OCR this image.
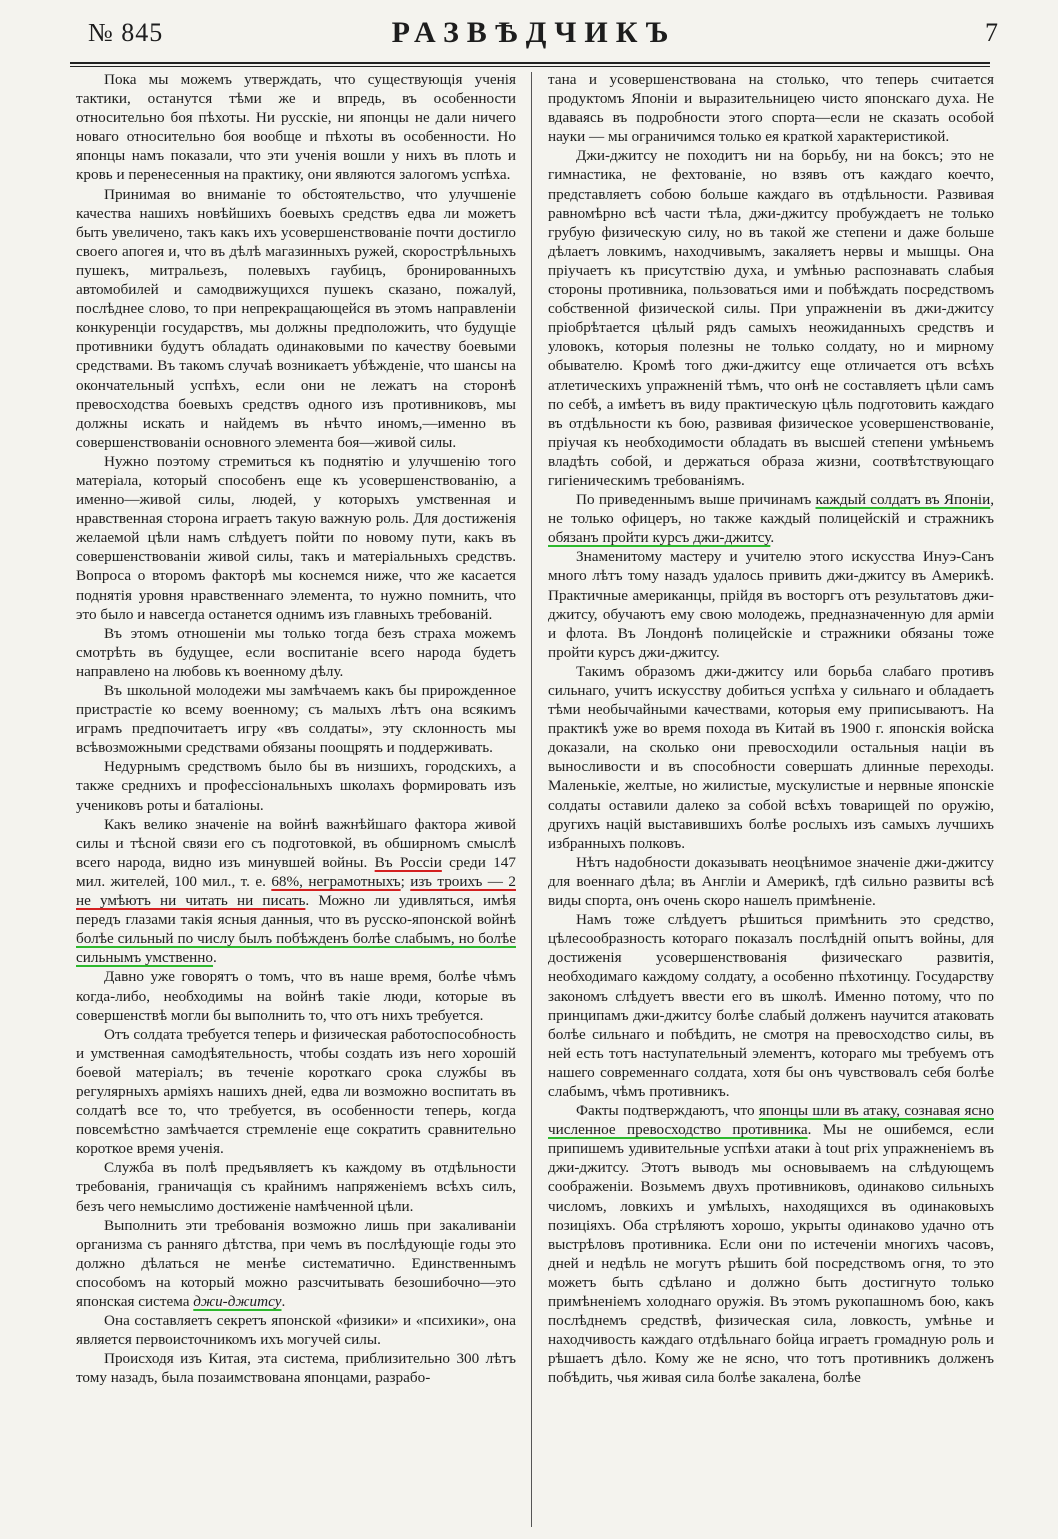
№ 845	РАЗВѢДЧИКЪ	7

Пока мы можемъ утверждать, что существующія ученія тактики, останутся тѣми же и впредь, въ особенности относительно боя пѣхоты. Ни русскіе, ни японцы не дали ничего новаго относительно боя вообще и пѣхоты въ особенности. Но японцы намъ показали, что эти ученія вошли у нихъ въ плоть и кровь и перенесенныя на практику, они являются залогомъ успѣха.

Принимая во вниманіе то обстоятельство, что улучшеніе качества нашихъ новѣйшихъ боевыхъ средствъ едва ли можетъ быть увеличено, такъ какъ ихъ усовершенствованіе почти достигло своего апогея и, что въ дѣлѣ магазинныхъ ружей, скорострѣльныхъ пушекъ, митральезъ, полевыхъ гаубицъ, бронированныхъ автомобилей и самодвижущихся пушекъ сказано, пожалуй, послѣднее слово, то при непрекращающейся въ этомъ направленіи конкуренціи государствъ, мы должны предположить, что будущіе противники будутъ обладать одинаковыми по качеству боевыми средствами. Въ такомъ случаѣ возникаетъ убѣжденіе, что шансы на окончательный успѣхъ, если они не лежатъ на сторонѣ превосходства боевыхъ средствъ одного изъ противниковъ, мы должны искать и найдемъ въ нѣчто иномъ,—именно въ совершенствованіи основного элемента боя—живой силы.

Нужно поэтому стремиться къ поднятію и улучшенію того матеріала, который способенъ еще къ усовершенствованію, а именно—живой силы, людей, у которыхъ умственная и нравственная сторона играетъ такую важную роль. Для достиженія желаемой цѣли намъ слѣдуетъ пойти по новому пути, какъ въ совершенствованіи живой силы, такъ и матеріальныхъ средствъ. Вопроса о второмъ факторѣ мы коснемся ниже, что же касается поднятія уровня нравственнаго элемента, то нужно помнить, что это было и навсегда останется однимъ изъ главныхъ требованій.

Въ этомъ отношеніи мы только тогда безъ страха можемъ смотрѣть въ будущее, если воспитаніе всего народа будетъ направлено на любовь къ военному дѣлу.

Въ школьной молодежи мы замѣчаемъ какъ бы прирожденное пристрастіе ко всему военному; съ малыхъ лѣтъ она всякимъ играмъ предпочитаетъ игру «въ солдаты», эту склонность мы всѣвозможными средствами обязаны поощрять и поддерживать.

Недурнымъ средствомъ было бы въ низшихъ, городскихъ, а также среднихъ и профессіональныхъ школахъ формировать изъ учениковъ роты и баталіоны.

Какъ велико значеніе на войнѣ важнѣйшаго фактора живой силы и тѣсной связи его съ подготовкой, въ обширномъ смыслѣ всего народа, видно изъ минувшей войны. Въ Россіи среди 147 мил. жителей, 100 мил., т. е. 68%, неграмотныхъ; изъ троихъ — 2 не умѣютъ ни читать ни писать. Можно ли удивляться, имѣя передъ глазами такія ясныя данныя, что въ русско-японской войнѣ болѣе сильный по числу былъ побѣжденъ болѣе слабымъ, но болѣе сильнымъ умственно.

Давно уже говорятъ о томъ, что въ наше время, болѣе чѣмъ когда-либо, необходимы на войнѣ такіе люди, которые въ совершенствѣ могли бы выполнить то, что отъ нихъ требуется.

Отъ солдата требуется теперь и физическая работоспособность и умственная самодѣятельность, чтобы создать изъ него хорошій боевой матеріалъ; въ теченіе короткаго срока службы въ регулярныхъ арміяхъ нашихъ дней, едва ли возможно воспитать въ солдатѣ все то, что требуется, въ особенности теперь, когда повсемѣстно замѣчается стремленіе еще сократить сравнительно короткое время ученія.

Служба въ полѣ предъявляетъ къ каждому въ отдѣльности требованія, граничащія съ крайнимъ напряженіемъ всѣхъ силъ, безъ чего немыслимо достиженіе намѣченной цѣли.

Выполнить эти требованія возможно лишь при закаливаніи организма съ ранняго дѣтства, при чемъ въ послѣдующіе годы это должно дѣлаться не менѣе систематично. Единственнымъ способомъ на который можно разсчитывать безошибочно—это японская система джи-джитсу.

Она составляетъ секретъ японской «физики» и «психики», она является первоисточникомъ ихъ могучей силы.

Происходя изъ Китая, эта система, приблизительно 300 лѣтъ тому назадъ, была позаимствована японцами, разрабо-

тана и усовершенствована на столько, что теперь считается продуктомъ Японіи и выразительницею чисто японскаго духа. Не вдаваясь въ подробности этого спорта—если не сказать особой науки — мы ограничимся только ея краткой характеристикой.

Джи-джитсу не походитъ ни на борьбу, ни на боксъ; это не гимнастика, не фехтованіе, но взявъ отъ каждаго коечто, представляетъ собою больше каждаго въ отдѣльности. Развивая равномѣрно всѣ части тѣла, джи-джитсу пробуждаетъ не только грубую физическую силу, но въ такой же степени и даже больше дѣлаетъ ловкимъ, находчивымъ, закаляетъ нервы и мышцы. Она пріучаетъ къ присутствію духа, и умѣнью распознавать слабыя стороны противника, пользоваться ими и побѣждать посредствомъ собственной физической силы. При упражненіи въ джи-джитсу пріобрѣтается цѣлый рядъ самыхъ неожиданныхъ средствъ и уловокъ, которыя полезны не только солдату, но и мирному обывателю. Кромѣ того джи-джитсу еще отличается отъ всѣхъ атлетическихъ упражненій тѣмъ, что онѣ не составляетъ цѣли самъ по себѣ, а имѣетъ въ виду практическую цѣль подготовить каждаго въ отдѣльности къ бою, развивая физическое усовершенствованіе, пріучая къ необходимости обладать въ высшей степени умѣньемъ владѣть собой, и держаться образа жизни, соотвѣтствующаго гигіеническимъ требованіямъ.

По приведеннымъ выше причинамъ каждый солдатъ въ Японіи, не только офицеръ, но также каждый полицейскій и стражникъ обязанъ пройти курсъ джи-джитсу.

Знаменитому мастеру и учителю этого искусства Инуэ-Санъ много лѣтъ тому назадъ удалось привить джи-джитсу въ Америкѣ. Практичные американцы, прійдя въ восторгъ отъ результатовъ джи-джитсу, обучаютъ ему свою молодежь, предназначенную для арміи и флота. Въ Лондонѣ полицейскіе и стражники обязаны тоже пройти курсъ джи-джитсу.

Такимъ образомъ джи-джитсу или борьба слабаго противъ сильнаго, учитъ искусству добиться успѣха у сильнаго и обладаетъ тѣми необычайными качествами, которыя ему приписываютъ. На практикѣ уже во время похода въ Китай въ 1900 г. японскія войска доказали, на сколько они превосходили остальныя націи въ выносливости и въ способности совершать длинные переходы. Маленькіе, желтые, но жилистые, мускулистые и нервные японскіе солдаты оставили далеко за собой всѣхъ товарищей по оружію, другихъ націй выставившихъ болѣе рослыхъ изъ самыхъ лучшихъ избранныхъ полковъ.

Нѣтъ надобности доказывать неоцѣнимое значеніе джи-джитсу для военнаго дѣла; въ Англіи и Америкѣ, гдѣ сильно развиты всѣ виды спорта, онъ очень скоро нашелъ примѣненіе.

Намъ тоже слѣдуетъ рѣшиться примѣнить это средство, цѣлесообразность котораго показалъ послѣдній опытъ войны, для достиженія усовершенствованія физическаго развитія, необходимаго каждому солдату, а особенно пѣхотинцу. Государству закономъ слѣдуетъ ввести его въ школѣ. Именно потому, что по принципамъ джи-джитсу болѣе слабый долженъ научится атаковать болѣе сильнаго и побѣдить, не смотря на превосходство силы, въ ней есть тотъ наступательный элементъ, котораго мы требуемъ отъ нашего современнаго солдата, хотя бы онъ чувствовалъ себя болѣе слабымъ, чѣмъ противникъ.

Факты подтверждаютъ, что японцы шли въ атаку, сознавая ясно численное превосходство противника. Мы не ошибемся, если припишемъ удивительные успѣхи атаки à tout prix упражненіемъ въ джи-джитсу. Этотъ выводъ мы основываемъ на слѣдующемъ соображеніи. Возьмемъ двухъ противниковъ, одинаково сильныхъ числомъ, ловкихъ и умѣлыхъ, находящихся въ одинаковыхъ позиціяхъ. Оба стрѣляютъ хорошо, укрыты одинаково удачно отъ выстрѣловъ противника. Если они по истеченіи многихъ часовъ, дней и недѣль не могутъ рѣшить бой посредствомъ огня, то это можетъ быть сдѣлано и должно быть достигнуто только примѣненіемъ холоднаго оружія. Въ этомъ рукопашномъ бою, какъ послѣднемъ средствѣ, физическая сила, ловкость, умѣнье и находчивость каждаго отдѣльнаго бойца играетъ громадную роль и рѣшаетъ дѣло. Кому же не ясно, что тотъ противникъ долженъ побѣдить, чья живая сила болѣе закалена, болѣе
